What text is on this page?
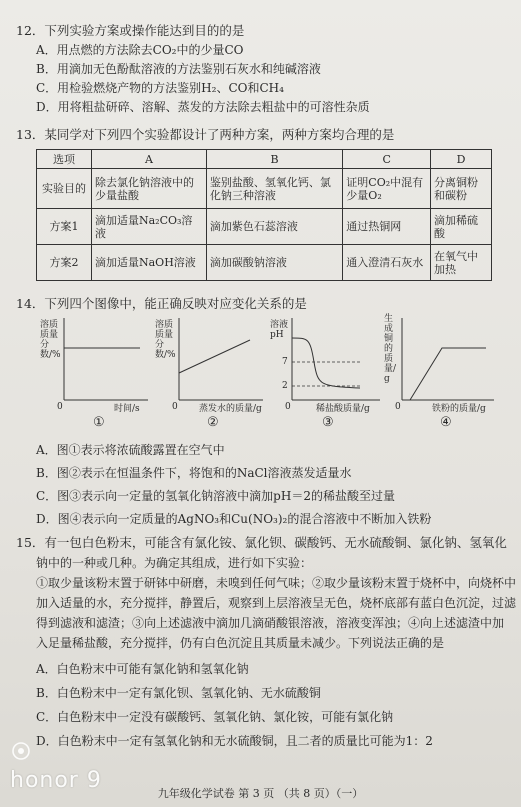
12．下列实验方案或操作能达到目的的是
A．用点燃的方法除去CO₂中的少量CO
B．用滴加无色酚酞溶液的方法鉴别石灰水和纯碱溶液
C．用检验燃烧产物的方法鉴别H₂、CO和CH₄
D．用将粗盐研碎、溶解、蒸发的方法除去粗盐中的可溶性杂质
13．某同学对下列四个实验都设计了两种方案，两种方案均合理的是
选项	A	B	C	D
实验目的	除去氯化钠溶液中的少量盐酸	鉴别盐酸、氢氧化钙、氯化钠三种溶液	证明CO₂中混有少量O₂	分离铜粉和碳粉
方案1	滴加适量Na₂CO₃溶液	滴加紫色石蕊溶液	通过热铜网	滴加稀硫酸
方案2	滴加适量NaOH溶液	滴加碳酸钠溶液	通入澄清石灰水	在氧气中加热
14．下列四个图像中，能正确反映对应变化关系的是
溶质质量分数/%
0	时间/s
①
溶质质量分数/%
0 蒸发水的质量/g
②
溶液pH
7
2
0	稀盐酸质量/g
③
生成铜的质量/g
0	铁粉的质量/g
④
A．图①表示将浓硫酸露置在空气中
B．图②表示在恒温条件下，将饱和的NaCl溶液蒸发适量水
C．图③表示向一定量的氢氧化钠溶液中滴加pH＝2的稀盐酸至过量
D．图④表示向一定质量的AgNO₃和Cu(NO₃)₂的混合溶液中不断加入铁粉
15．有一包白色粉末，可能含有氯化铵、氯化钡、碳酸钙、无水硫酸铜、氯化钠、氢氧化
钠中的一种或几种。为确定其组成，进行如下实验：
①取少量该粉末置于研钵中研磨，未嗅到任何气味；②取少量该粉末置于烧杯中，向烧杯中
加入适量的水，充分搅拌，静置后，观察到上层溶液呈无色，烧杯底部有蓝白色沉淀，过滤
得到滤液和滤渣；③向上述滤液中滴加几滴硝酸银溶液，溶液变浑浊；④向上述滤渣中加
入足量稀盐酸，充分搅拌，仍有白色沉淀且其质量未减少。下列说法正确的是
A．白色粉末中可能有氯化钠和氢氧化钠
B．白色粉末中一定有氯化钡、氢氧化钠、无水硫酸铜
C．白色粉末中一定没有碳酸钙、氢氧化钠、氯化铵，可能有氯化钠
D．白色粉末中一定有氢氧化钠和无水硫酸铜，且二者的质量比可能为1：2
九年级化学试卷 第 3 页 （共 8 页）（一）
honor 9
